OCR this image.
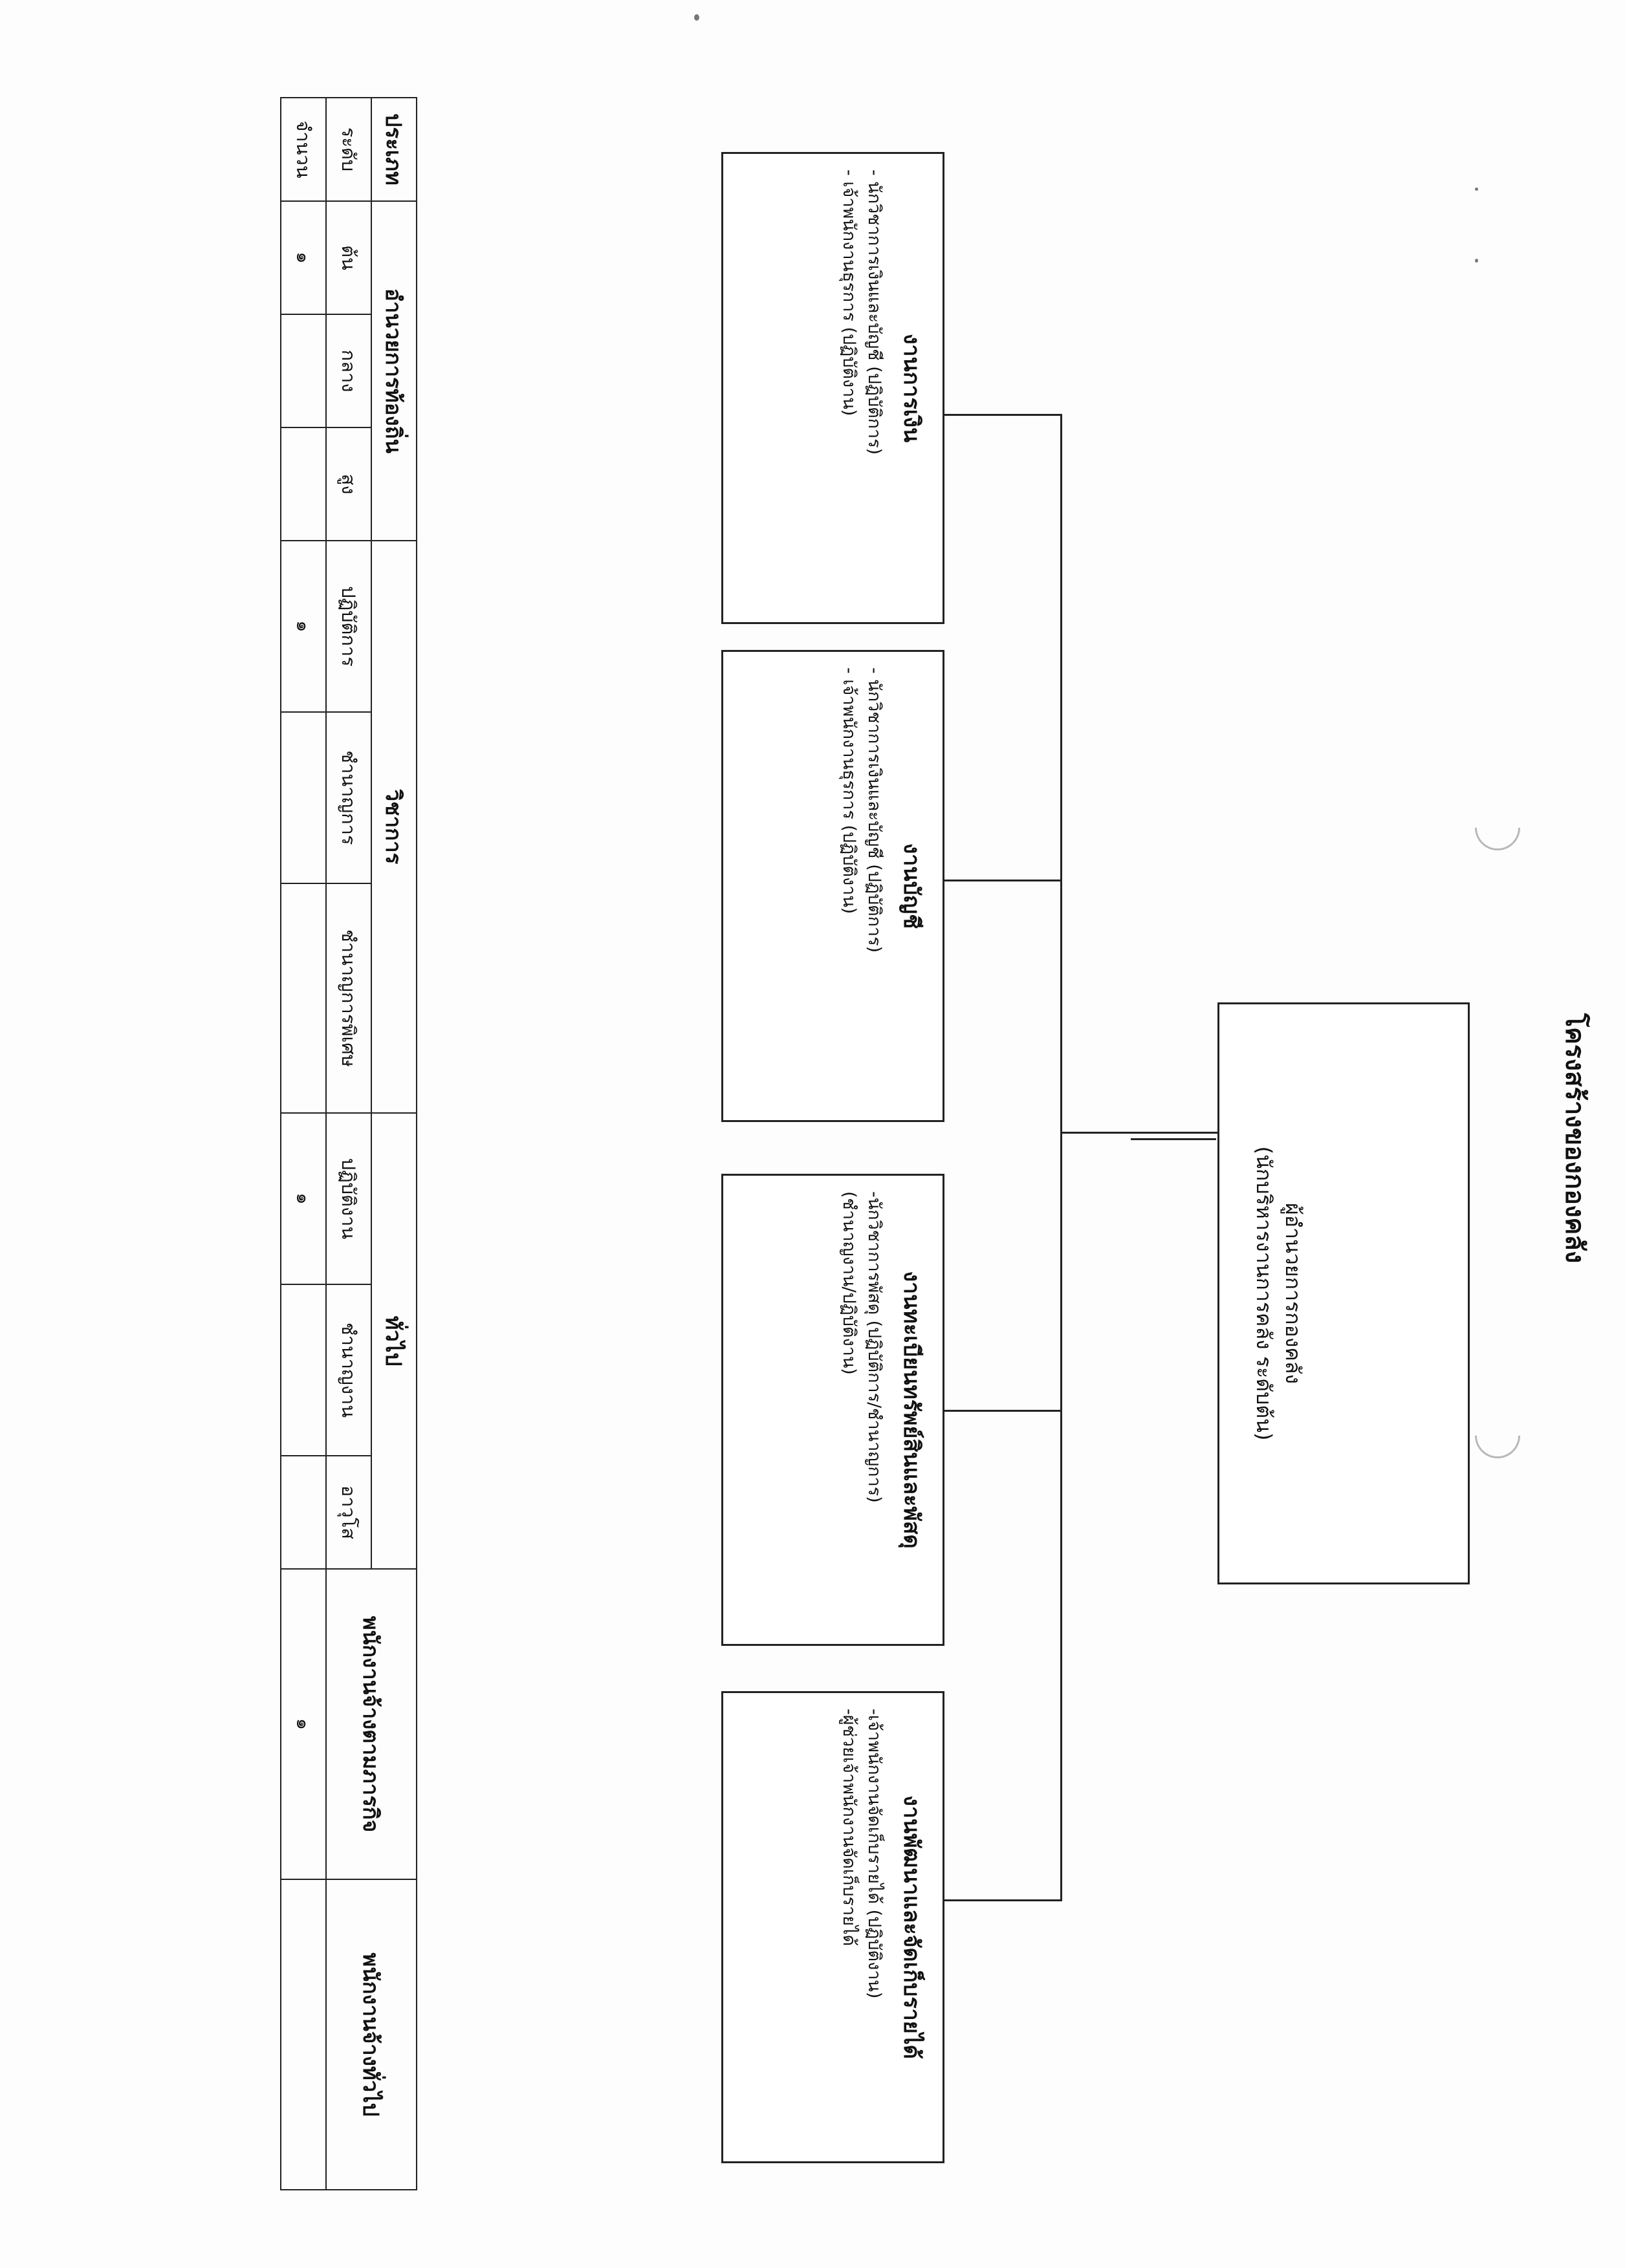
โครงสร้างของกองคลัง
ผู้อำนวยการกองคลัง
(นักบริหารงานการคลัง ระดับต้น)
งานการเงิน
- นักวิชาการเงินและบัญชี (ปฏิบัติการ)
- เจ้าพนักงานธุรการ (ปฏิบัติงาน)
งานบัญชี
- นักวิชาการเงินและบัญชี (ปฏิบัติการ)
- เจ้าพนักงานธุรการ (ปฏิบัติงาน)
งานทะเบียนทรัพย์สินและพัสดุ
-นักวิชาการพัสดุ (ปฏิบัติการ/ชำนาญการ)
(ชำนาญงาน/ปฏิบัติงาน)
งานพัฒนาและจัดเก็บรายได้
-เจ้าพนักงานจัดเก็บรายได้ (ปฏิบัติงาน)
-ผู้ช่วยเจ้าพนักงานจัดเก็บรายได้
ประเภท	อำนวยการท้องถิ่น			วิชาการ			ทั่วไป			พนักงานจ้างตามภารกิจ	พนักงานจ้างทั่วไป
ระดับ	ต้น	กลาง	สูง	ปฏิบัติการ	ชำนาญการ	ชำนาญการพิเศษ	ปฏิบัติงาน	ชำนาญงาน	อาวุโส		
จำนวน	๑			๑			๑			๑	
